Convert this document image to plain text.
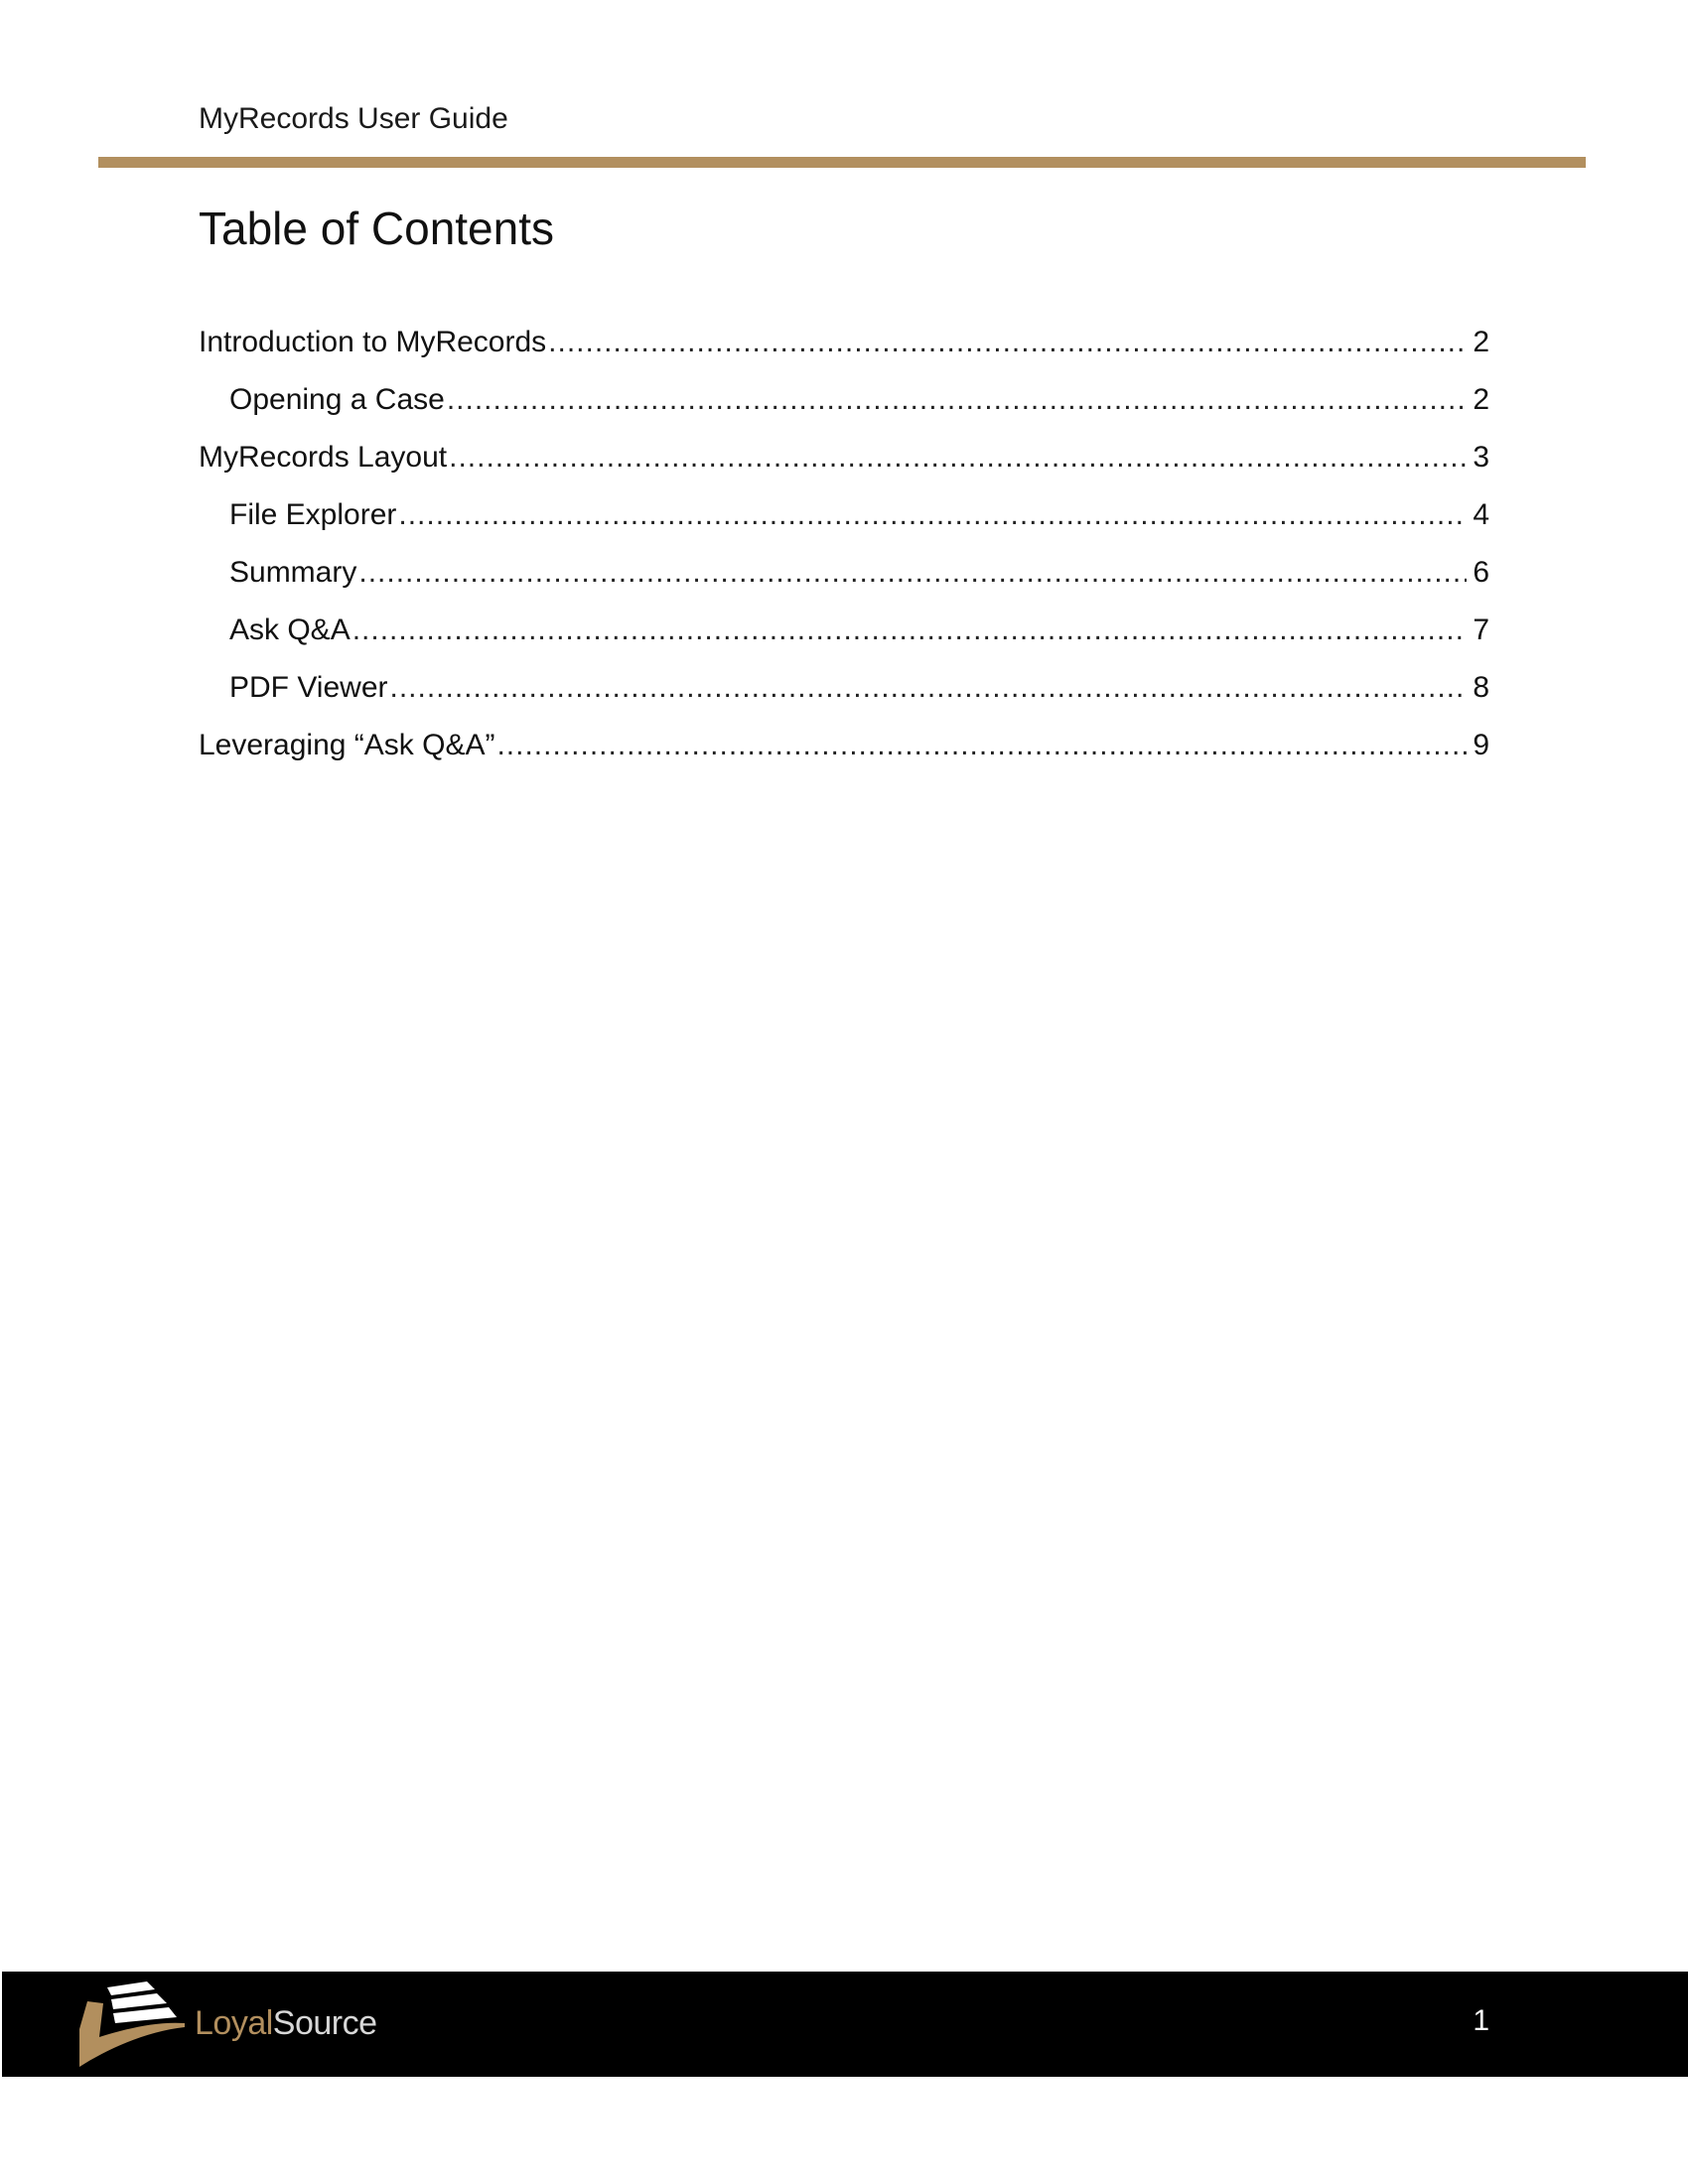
MyRecords User Guide
Table of Contents
Introduction to MyRecords .....	2
Opening a Case .....	2
MyRecords Layout .....	3
File Explorer .....	4
Summary .....	6
Ask Q&A .....	7
PDF Viewer .....	8
Leveraging “Ask Q&A” .....	9
LoyalSource	1
